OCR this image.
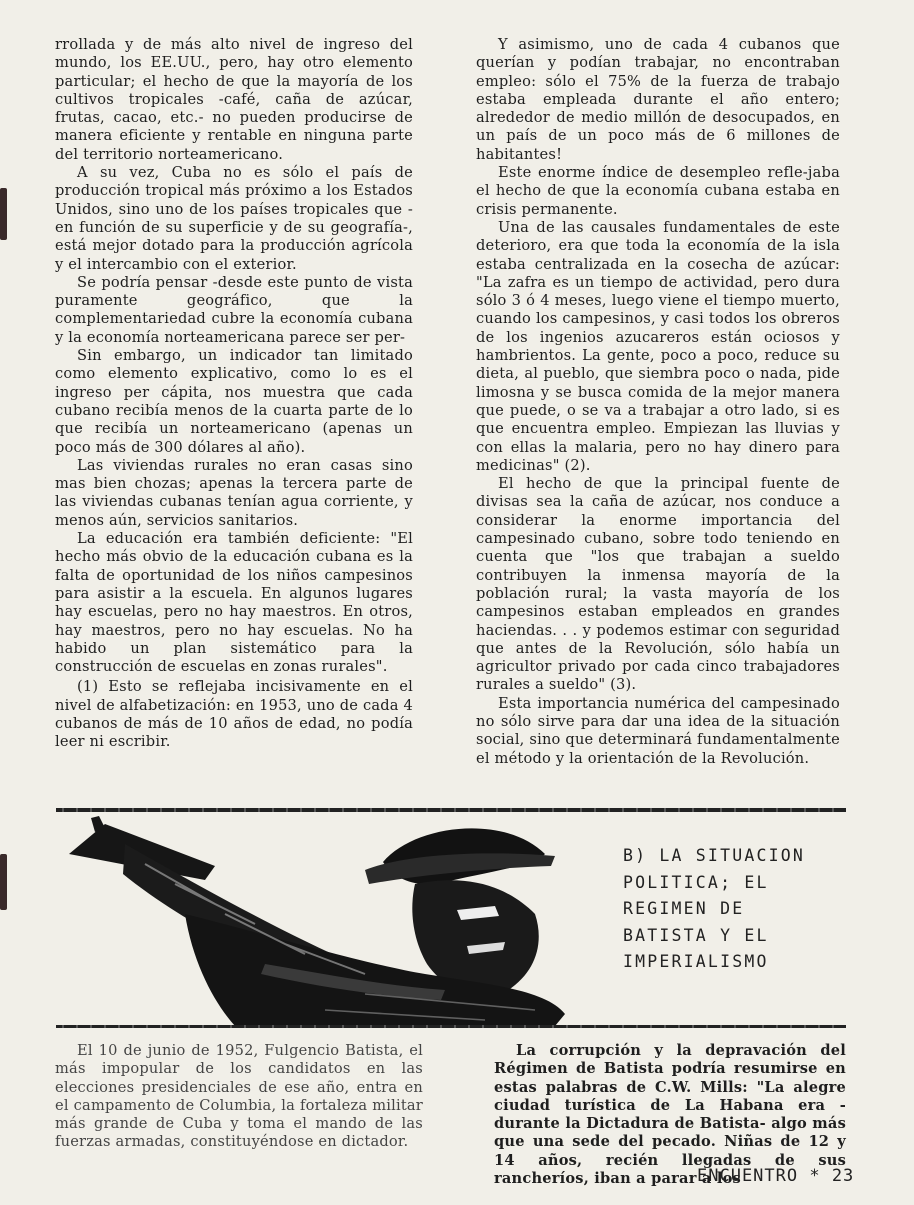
rrollada y de más alto nivel de ingreso del mundo, los EE.UU., pero, hay otro elemento particular; el hecho de que la mayoría de los cultivos tropicales -café, caña de azúcar, frutas, cacao, etc.- no pueden producirse de manera eficiente y rentable en ninguna parte del territorio norteamericano.

A su vez, Cuba no es sólo el país de producción tropical más próximo a los Estados Unidos, sino uno de los países tropicales que -en función de su superficie y de su geografía-, está mejor dotado para la producción agrícola y el intercambio con el exterior.

Se podría pensar -desde este punto de vista puramente geográfico, que la complementariedad cubre la economía cubana y la economía norteamericana parece ser per-

Sin embargo, un indicador tan limitado como elemento explicativo, como lo es el ingreso per cápita, nos muestra que cada cubano recibía menos de la cuarta parte de lo que recibía un norteamericano (apenas un poco más de 300 dólares al año).

Las viviendas rurales no eran casas sino mas bien chozas; apenas la tercera parte de las viviendas cubanas tenían agua corriente, y menos aún, servicios sanitarios.

La educación era también deficiente: "El hecho más obvio de la educación cubana es la falta de oportunidad de los niños campesinos para asistir a la escuela. En algunos lugares hay escuelas, pero no hay maestros. En otros, hay maestros, pero no hay escuelas. No ha habido un plan sistemático para la construcción de escuelas en zonas rurales".

(1) Esto se reflejaba incisivamente en el nivel de alfabetización: en 1953, uno de cada 4 cubanos de más de 10 años de edad, no podía leer ni escribir.

Y asimismo, uno de cada 4 cubanos que querían y podían trabajar, no encontraban empleo: sólo el 75% de la fuerza de trabajo estaba empleada durante el año entero; alrededor de medio millón de desocupados, en un país de un poco más de 6 millones de habitantes!

Este enorme índice de desempleo refle-jaba el hecho de que la economía cubana estaba en crisis permanente.

Una de las causales fundamentales de este deterioro, era que toda la economía de la isla estaba centralizada en la cosecha de azúcar: "La zafra es un tiempo de actividad, pero dura sólo 3 ó 4 meses, luego viene el tiempo muerto, cuando los campesinos, y casi todos los obreros de los ingenios azucareros están ociosos y hambrientos. La gente, poco a poco, reduce su dieta, al pueblo, que siembra poco o nada, pide limosna y se busca comida de la mejor manera que puede, o se va a trabajar a otro lado, si es que encuentra empleo. Empiezan las lluvias y con ellas la malaria, pero no hay dinero para medicinas" (2).

El hecho de que la principal fuente de divisas sea la caña de azúcar, nos conduce a considerar la enorme importancia del campesinado cubano, sobre todo teniendo en cuenta que "los que trabajan a sueldo contribuyen la inmensa mayoría de la población rural; la vasta mayoría de los campesinos estaban empleados en grandes haciendas. . . y podemos estimar con seguridad que antes de la Revolución, sólo había un agricultor privado por cada cinco trabajadores rurales a sueldo" (3).

Esta importancia numérica del campesinado no sólo sirve para dar una idea de la situación social, sino que determinará fundamentalmente el método y la orientación de la Revolución.

B) LA SITUACION
POLITICA; EL
REGIMEN DE
BATISTA Y EL
IMPERIALISMO

El 10 de junio de 1952, Fulgencio Batista, el más impopular de los candidatos en las elecciones presidenciales de ese año, entra en el campamento de Columbia, la fortaleza militar más grande de Cuba y toma el mando de las fuerzas armadas, constituyéndose en dictador.

La corrupción y la depravación del Régimen de Batista podría resumirse en estas palabras de C.W. Mills: "La alegre ciudad turística de La Habana era -durante la Dictadura de Batista- algo más que una sede del pecado. Niñas de 12 y 14 años, recién llegadas de sus rancheríos, iban a parar a los

ENCUENTRO * 23
